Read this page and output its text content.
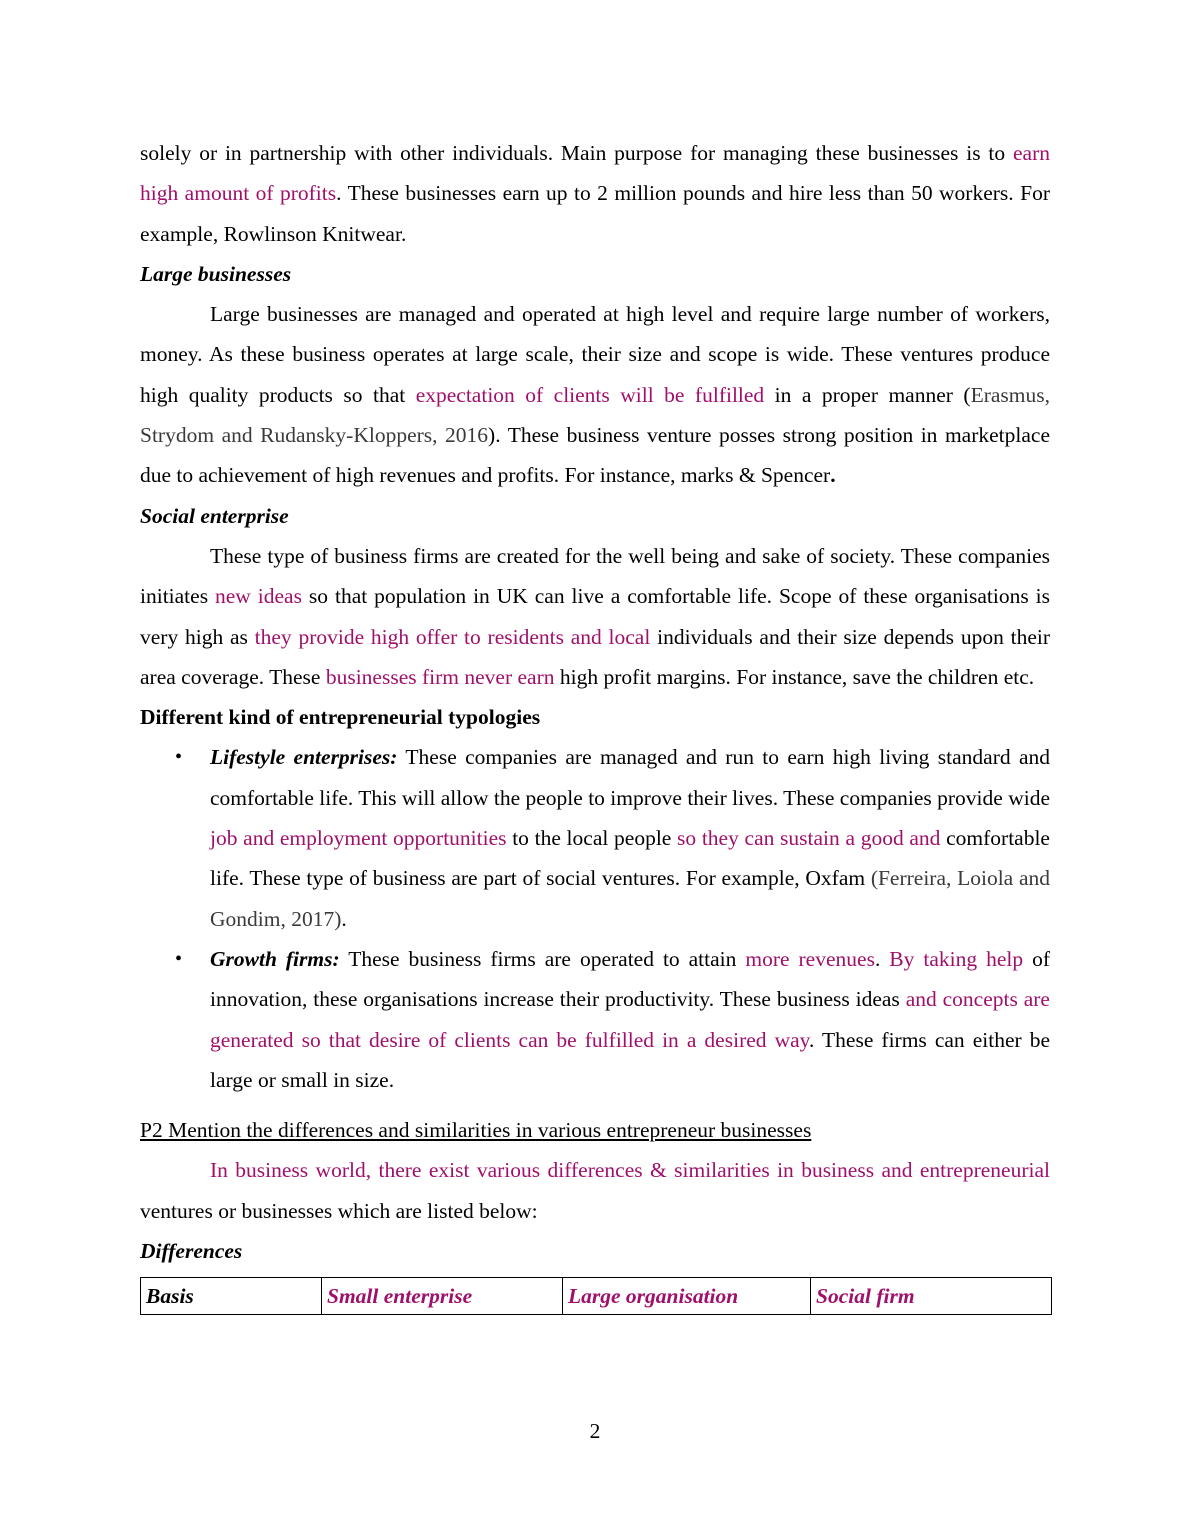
solely or in partnership with other individuals. Main purpose for managing these businesses is to earn high amount of profits. These businesses earn up to 2 million pounds and hire less than 50 workers. For example, Rowlinson Knitwear.

Large businesses

Large businesses are managed and operated at high level and require large number of workers, money. As these business operates at large scale, their size and scope is wide. These ventures produce high quality products so that expectation of clients will be fulfilled in a proper manner (Erasmus, Strydom and Rudansky-Kloppers, 2016). These business venture posses strong position in marketplace due to achievement of high revenues and profits. For instance, marks & Spencer.

Social enterprise

These type of business firms are created for the well being and sake of society. These companies initiates new ideas so that population in UK can live a comfortable life. Scope of these organisations is very high as they provide high offer to residents and local individuals and their size depends upon their area coverage. These businesses firm never earn high profit margins. For instance, save the children etc.

Different kind of entrepreneurial typologies

• Lifestyle enterprises: These companies are managed and run to earn high living standard and comfortable life. This will allow the people to improve their lives. These companies provide wide job and employment opportunities to the local people so they can sustain a good and comfortable life. These type of business are part of social ventures. For example, Oxfam (Ferreira, Loiola and Gondim, 2017).
• Growth firms: These business firms are operated to attain more revenues. By taking help of innovation, these organisations increase their productivity. These business ideas and concepts are generated so that desire of clients can be fulfilled in a desired way. These firms can either be large or small in size.

P2 Mention the differences and similarities in various entrepreneur businesses

In business world, there exist various differences & similarities in business and entrepreneurial ventures or businesses which are listed below:

Differences

Basis	Small enterprise	Large organisation	Social firm
2
